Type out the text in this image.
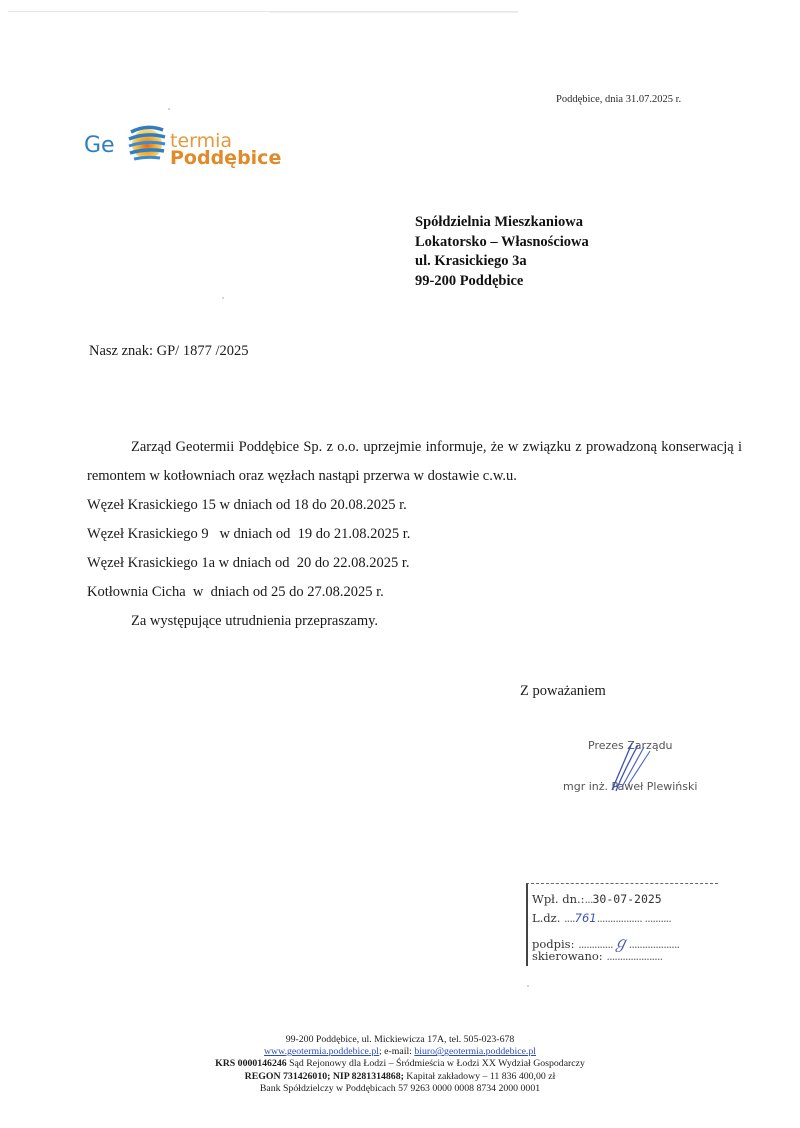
Poddębice, dnia 31.07.2025 r.
Ge	termia
Poddębice
Spółdzielnia Mieszkaniowa
Lokatorsko – Własnościowa
ul. Krasickiego 3a
99-200 Poddębice
Nasz znak: GP/ 1877 /2025
Zarząd Geotermii Poddębice Sp. z o.o. uprzejmie informuje, że w związku z prowadzoną konserwacją i remontem w kotłowniach oraz węzłach nastąpi przerwa w dostawie c.w.u.
Węzeł Krasickiego 15 w dniach od 18 do 20.08.2025 r.
Węzeł Krasickiego 9   w dniach od  19 do 21.08.2025 r.
Węzeł Krasickiego 1a w dniach od  20 do 22.08.2025 r.
Kotłownia Cicha  w  dniach od 25 do 27.08.2025 r.
Za występujące utrudnienia przepraszamy.
Z poważaniem
Prezes Zarządu
mgr inż. Paweł Plewiński
Wpł. dn.:...30-07-2025
L.dz. ....761................. ..........
podpis: .............ℊ...................
skierowano: .....................
99-200 Poddębice, ul. Mickiewicza 17A, tel. 505-023-678
www.geotermia.poddebice.pl; e-mail: biuro@geotermia.poddebice.pl
KRS 0000146246 Sąd Rejonowy dla Łodzi – Śródmieścia w Łodzi XX Wydział Gospodarczy
REGON 731426010; NIP 8281314868; Kapitał zakładowy – 11 836 400,00 zł
Bank Spółdzielczy w Poddębicach 57 9263 0000 0008 8734 2000 0001
